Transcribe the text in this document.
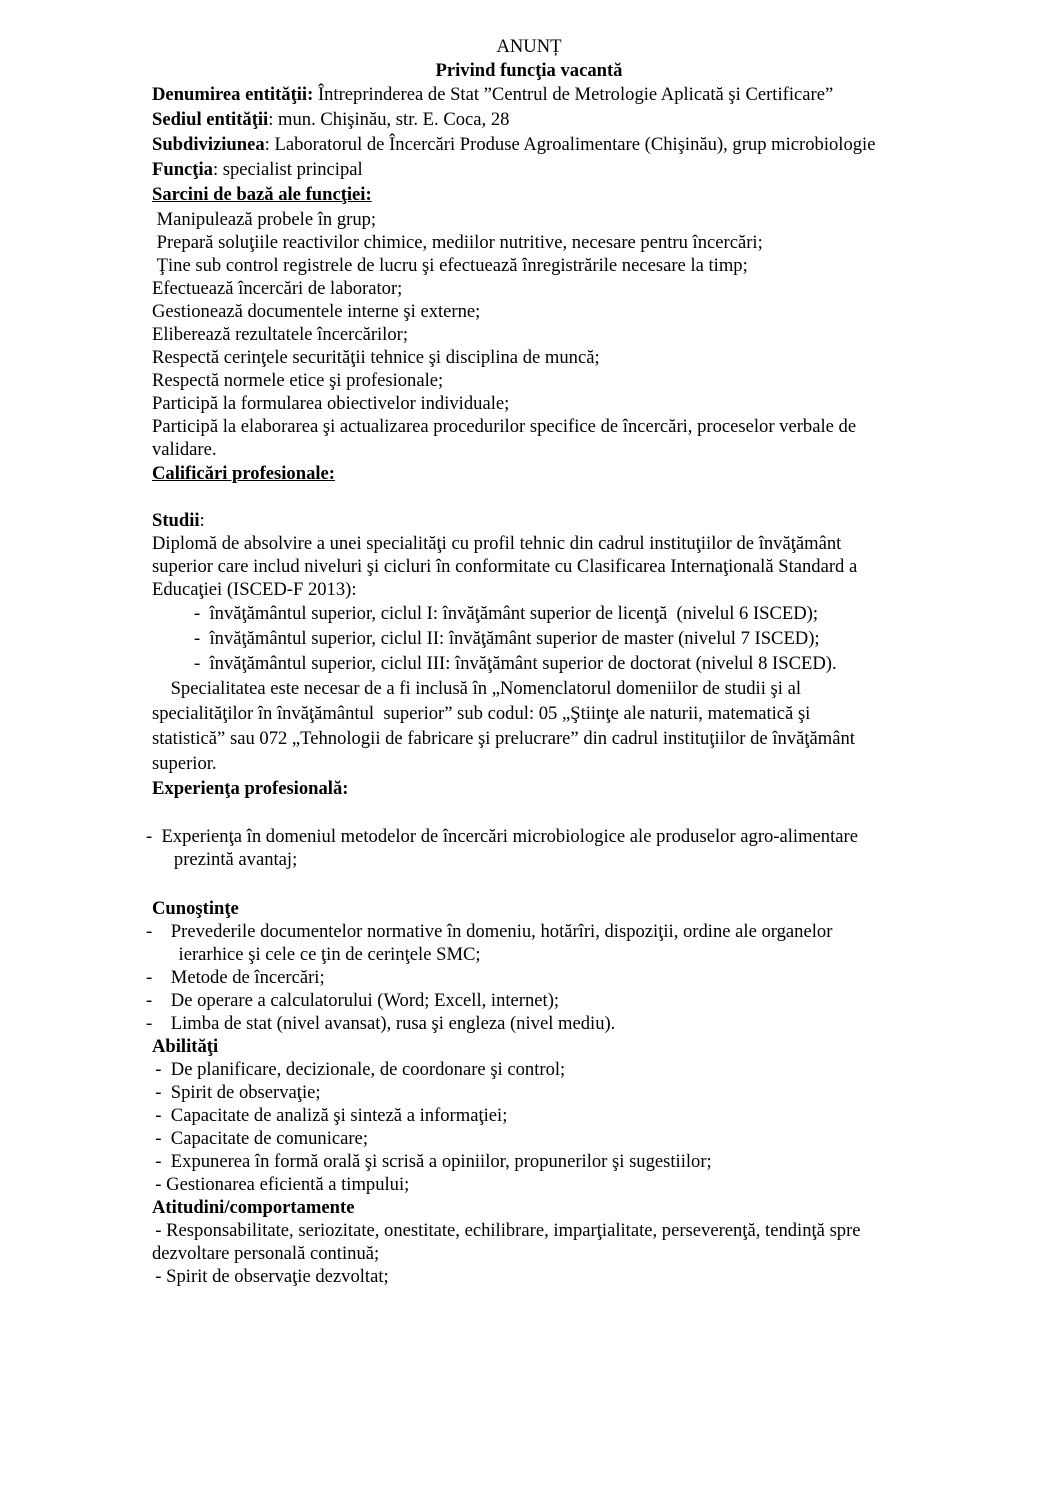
ANUNȚ
Privind funcţia vacantă
Denumirea entităţii: Întreprinderea de Stat ”Centrul de Metrologie Aplicată şi Certificare”
Sediul entităţii: mun. Chişinău, str. E. Coca, 28
Subdiviziunea: Laboratorul de Încercări Produse Agroalimentare (Chişinău), grup microbiologie
Funcţia: specialist principal
Sarcini de bază ale funcţiei:
Manipulează probele în grup;
Prepară soluţiile reactivilor chimice, mediilor nutritive, necesare pentru încercări;
Ţine sub control registrele de lucru şi efectuează înregistrările necesare la timp;
Efectuează încercări de laborator;
Gestionează documentele interne şi externe;
Eliberează rezultatele încercărilor;
Respectă cerinţele securităţii tehnice şi disciplina de muncă;
Respectă normele etice şi profesionale;
Participă la formularea obiectivelor individuale;
Participă la elaborarea şi actualizarea procedurilor specifice de încercări, proceselor verbale de
validare.
Calificări profesionale:
Studii:
Diplomă de absolvire a unei specialităţi cu profil tehnic din cadrul instituţiilor de învăţământ
superior care includ niveluri şi cicluri în conformitate cu Clasificarea Internaţională Standard a
Educaţiei (ISCED-F 2013):
-  învăţământul superior, ciclul I: învăţământ superior de licenţă  (nivelul 6 ISCED);
-  învăţământul superior, ciclul II: învăţământ superior de master (nivelul 7 ISCED);
-  învăţământul superior, ciclul III: învăţământ superior de doctorat (nivelul 8 ISCED).
Specialitatea este necesar de a fi inclusă în „Nomenclatorul domeniilor de studii şi al
specialităţilor în învăţământul  superior” sub codul: 05 „Ştiinţe ale naturii, matematică şi
statistică” sau 072 „Tehnologii de fabricare şi prelucrare” din cadrul instituţiilor de învăţământ
superior.
Experienţa profesională:
-  Experienţa în domeniul metodelor de încercări microbiologice ale produselor agro-alimentare
prezintă avantaj;
Cunoştinţe
-    Prevederile documentelor normative în domeniu, hotărîri, dispoziţii, ordine ale organelor
ierarhice şi cele ce ţin de cerinţele SMC;
-    Metode de încercări;
-    De operare a calculatorului (Word; Excell, internet);
-    Limba de stat (nivel avansat), rusa şi engleza (nivel mediu).
Abilităţi
-  De planificare, decizionale, de coordonare şi control;
-  Spirit de observaţie;
-  Capacitate de analiză şi sinteză a informaţiei;
-  Capacitate de comunicare;
-  Expunerea în formă orală şi scrisă a opiniilor, propunerilor şi sugestiilor;
- Gestionarea eficientă a timpului;
Atitudini/comportamente
- Responsabilitate, seriozitate, onestitate, echilibrare, imparţialitate, perseverenţă, tendinţă spre
dezvoltare personală continuă;
- Spirit de observaţie dezvoltat;
